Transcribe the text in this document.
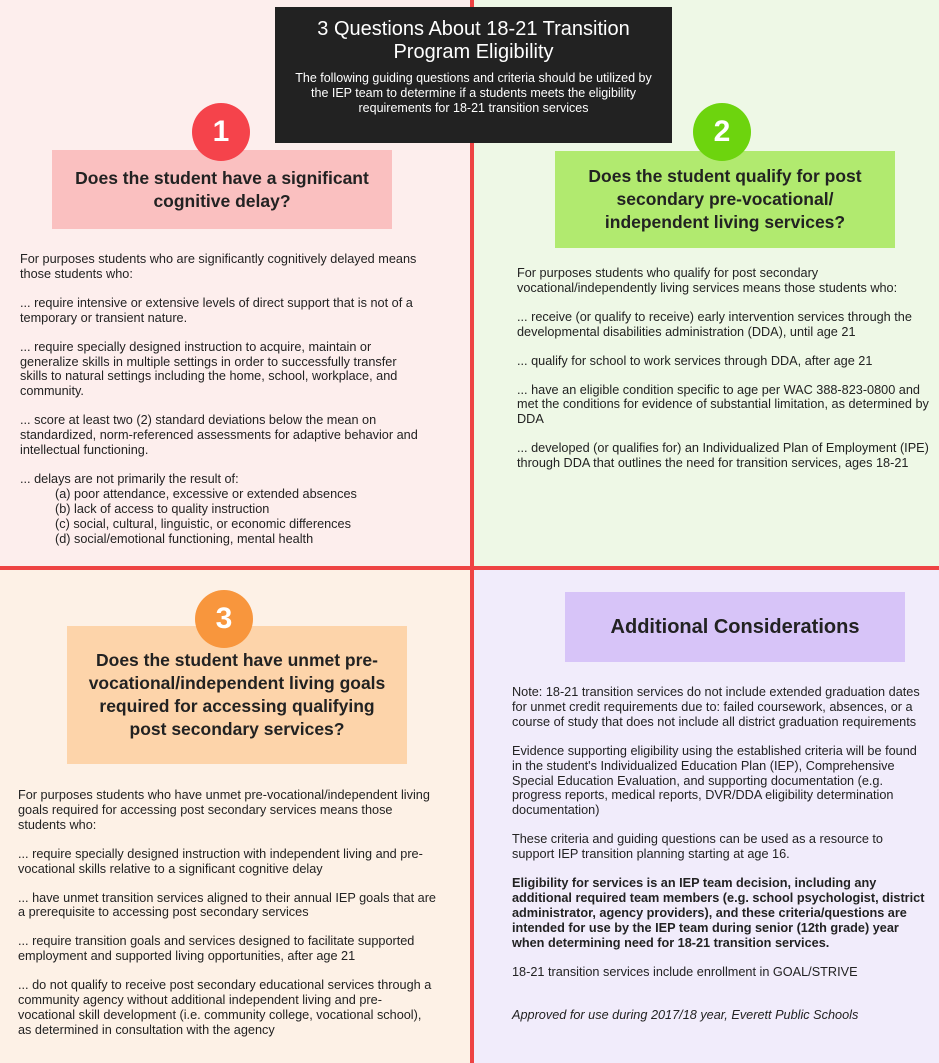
3 Questions About 18-21 Transition
Program Eligibility
The following guiding questions and criteria should be utilized by the IEP team to determine if a students meets the eligibility requirements for 18-21 transition services
Does the student have a significant cognitive delay?
1

For purposes students who are significantly cognitively delayed means those students who:

... require intensive or extensive levels of direct support that is not of a temporary or transient nature.

... require specially designed instruction to acquire, maintain or generalize skills in multiple settings in order to successfully transfer skills to natural settings including the home, school, workplace, and community.

... score at least two (2) standard deviations below the mean on standardized, norm-referenced assessments for adaptive behavior and intellectual functioning.

... delays are not primarily the result of:

(a) poor attendance, excessive or extended absences
(b) lack of access to quality instruction
(c) social, cultural, linguistic, or economic differences
(d) social/emotional functioning, mental health
Does the student qualify for post secondary pre-vocational/ independent living services?
2

For purposes students who qualify for post secondary vocational/independently living services means those students who:

... receive (or qualify to receive) early intervention services through the developmental disabilities administration (DDA), until age 21

... qualify for school to work services through DDA, after age 21

... have an eligible condition specific to age per WAC 388-823-0800 and met the conditions for evidence of substantial limitation, as determined by DDA

... developed (or qualifies for) an Individualized Plan of Employment (IPE) through DDA that outlines the need for transition services, ages 18-21

Does the student have unmet pre-vocational/independent living goals required for accessing qualifying post secondary services?
3

For purposes students who have unmet pre-vocational/independent living goals required for accessing post secondary services means those students who:

... require specially designed instruction with independent living and pre-vocational skills relative to a significant cognitive delay

... have unmet transition services aligned to their annual IEP goals that are a prerequisite to accessing post secondary services

... require transition goals and services designed to facilitate supported employment and supported living opportunities, after age 21

... do not qualify to receive post secondary educational services through a community agency without additional independent living and pre-vocational skill development (i.e. community college, vocational school), as determined in consultation with the agency

Additional Considerations

Note: 18-21 transition services do not include extended graduation dates for unmet credit requirements due to: failed coursework, absences, or a course of study that does not include all district graduation requirements

Evidence supporting eligibility using the established criteria will be found in the student's Individualized Education Plan (IEP), Comprehensive Special Education Evaluation, and supporting documentation (e.g. progress reports, medical reports, DVR/DDA eligibility determination documentation)

These criteria and guiding questions can be used as a resource to support IEP transition planning starting at age 16.

Eligibility for services is an IEP team decision, including any additional required team members (e.g. school psychologist, district administrator, agency providers), and these criteria/questions are intended for use by the IEP team during senior (12th grade) year when determining need for 18-21 transition services.

18-21 transition services include enrollment in GOAL/STRIVE

Approved for use during 2017/18 year, Everett Public Schools
